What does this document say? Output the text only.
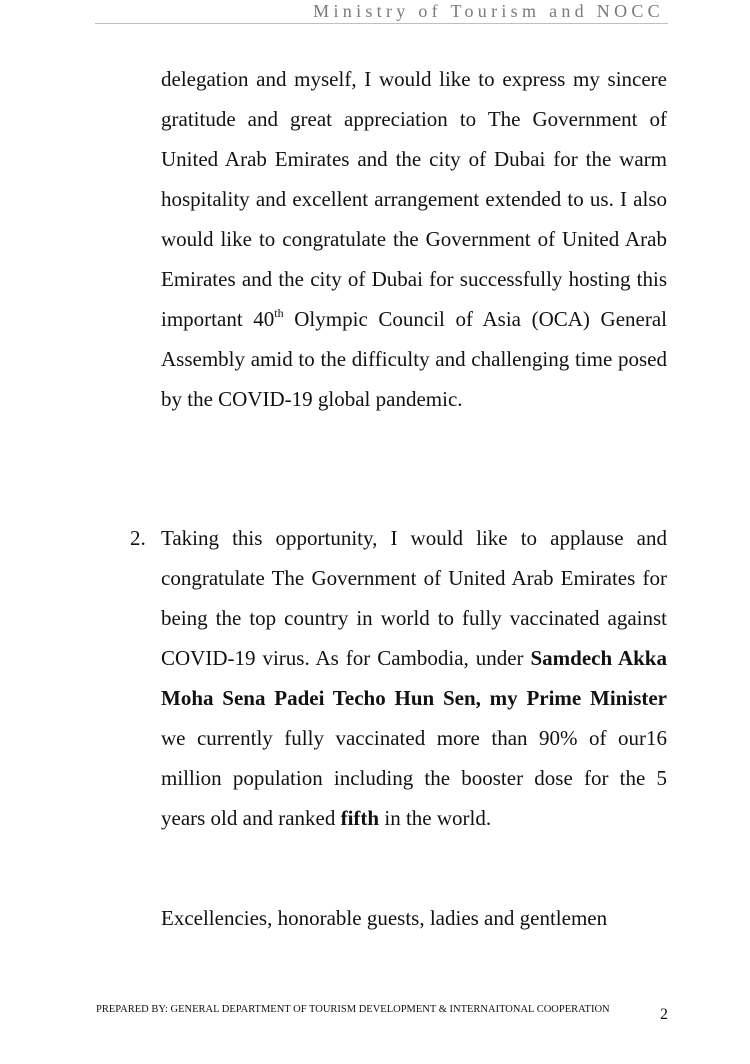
Ministry of Tourism and NOCC

delegation and myself, I would like to express my sincere gratitude and great appreciation to The Government of United Arab Emirates and the city of Dubai for the warm hospitality and excellent arrangement extended to us. I also would like to congratulate the Government of United Arab Emirates and the city of Dubai for successfully hosting this important 40th Olympic Council of Asia (OCA) General Assembly amid to the difficulty and challenging time posed by the COVID-19 global pandemic.

2. Taking this opportunity, I would like to applause and congratulate The Government of United Arab Emirates for being the top country in world to fully vaccinated against COVID-19 virus. As for Cambodia, under Samdech Akka Moha Sena Padei Techo Hun Sen, my Prime Minister we currently fully vaccinated more than 90% of our16 million population including the booster dose for the 5 years old and ranked fifth in the world.

Excellencies, honorable guests, ladies and gentlemen

PREPARED BY: GENERAL DEPARTMENT OF TOURISM DEVELOPMENT & INTERNAITONAL COOPERATION	2
